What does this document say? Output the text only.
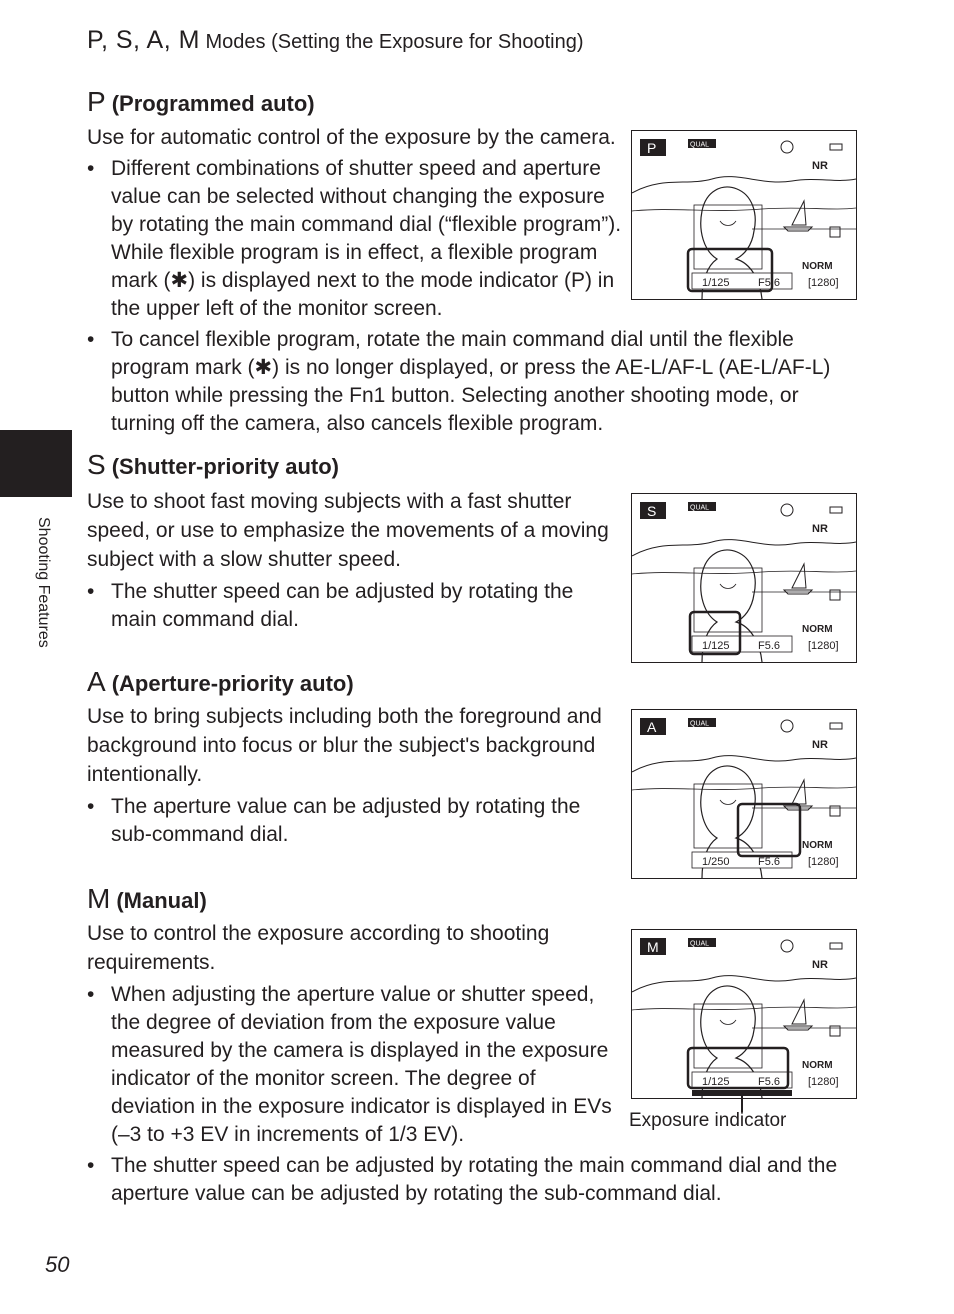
P, S, A, M Modes (Setting the Exposure for Shooting)
Shooting Features
P (Programmed auto)
Use for automatic control of the exposure by the camera.
• Different combinations of shutter speed and aperture value can be selected without changing the exposure by rotating the main command dial (“flexible program”). While flexible program is in effect, a flexible program mark (✱) is displayed next to the mode indicator (P) in the upper left of the monitor screen.
• To cancel flexible program, rotate the main command dial until the flexible program mark (✱) is no longer displayed, or press the AE-L/AF-L (AE-L/AF-L) button while pressing the Fn1 button. Selecting another shooting mode, or turning off the camera, also cancels flexible program.
P	QUAL
NR
NORM
1/125	F5.6	[1280]
S (Shutter-priority auto)
Use to shoot fast moving subjects with a fast shutter speed, or use to emphasize the movements of a moving subject with a slow shutter speed.
• The shutter speed can be adjusted by rotating the main command dial.
S	QUAL
NR
NORM
1/125	F5.6	[1280]
A (Aperture-priority auto)
Use to bring subjects including both the foreground and background into focus or blur the subject's background intentionally.
• The aperture value can be adjusted by rotating the sub-command dial.
A	QUAL
NR
NORM
1/250	F5.6	[1280]
M (Manual)
Use to control the exposure according to shooting requirements.
• When adjusting the aperture value or shutter speed, the degree of deviation from the exposure value measured by the camera is displayed in the exposure indicator of the monitor screen. The degree of deviation in the exposure indicator is displayed in EVs (–3 to +3 EV in increments of 1/3 EV).
• The shutter speed can be adjusted by rotating the main command dial and the aperture value can be adjusted by rotating the sub-command dial.
M	QUAL
NR
NORM
1/125	F5.6	[1280]
Exposure indicator
50
